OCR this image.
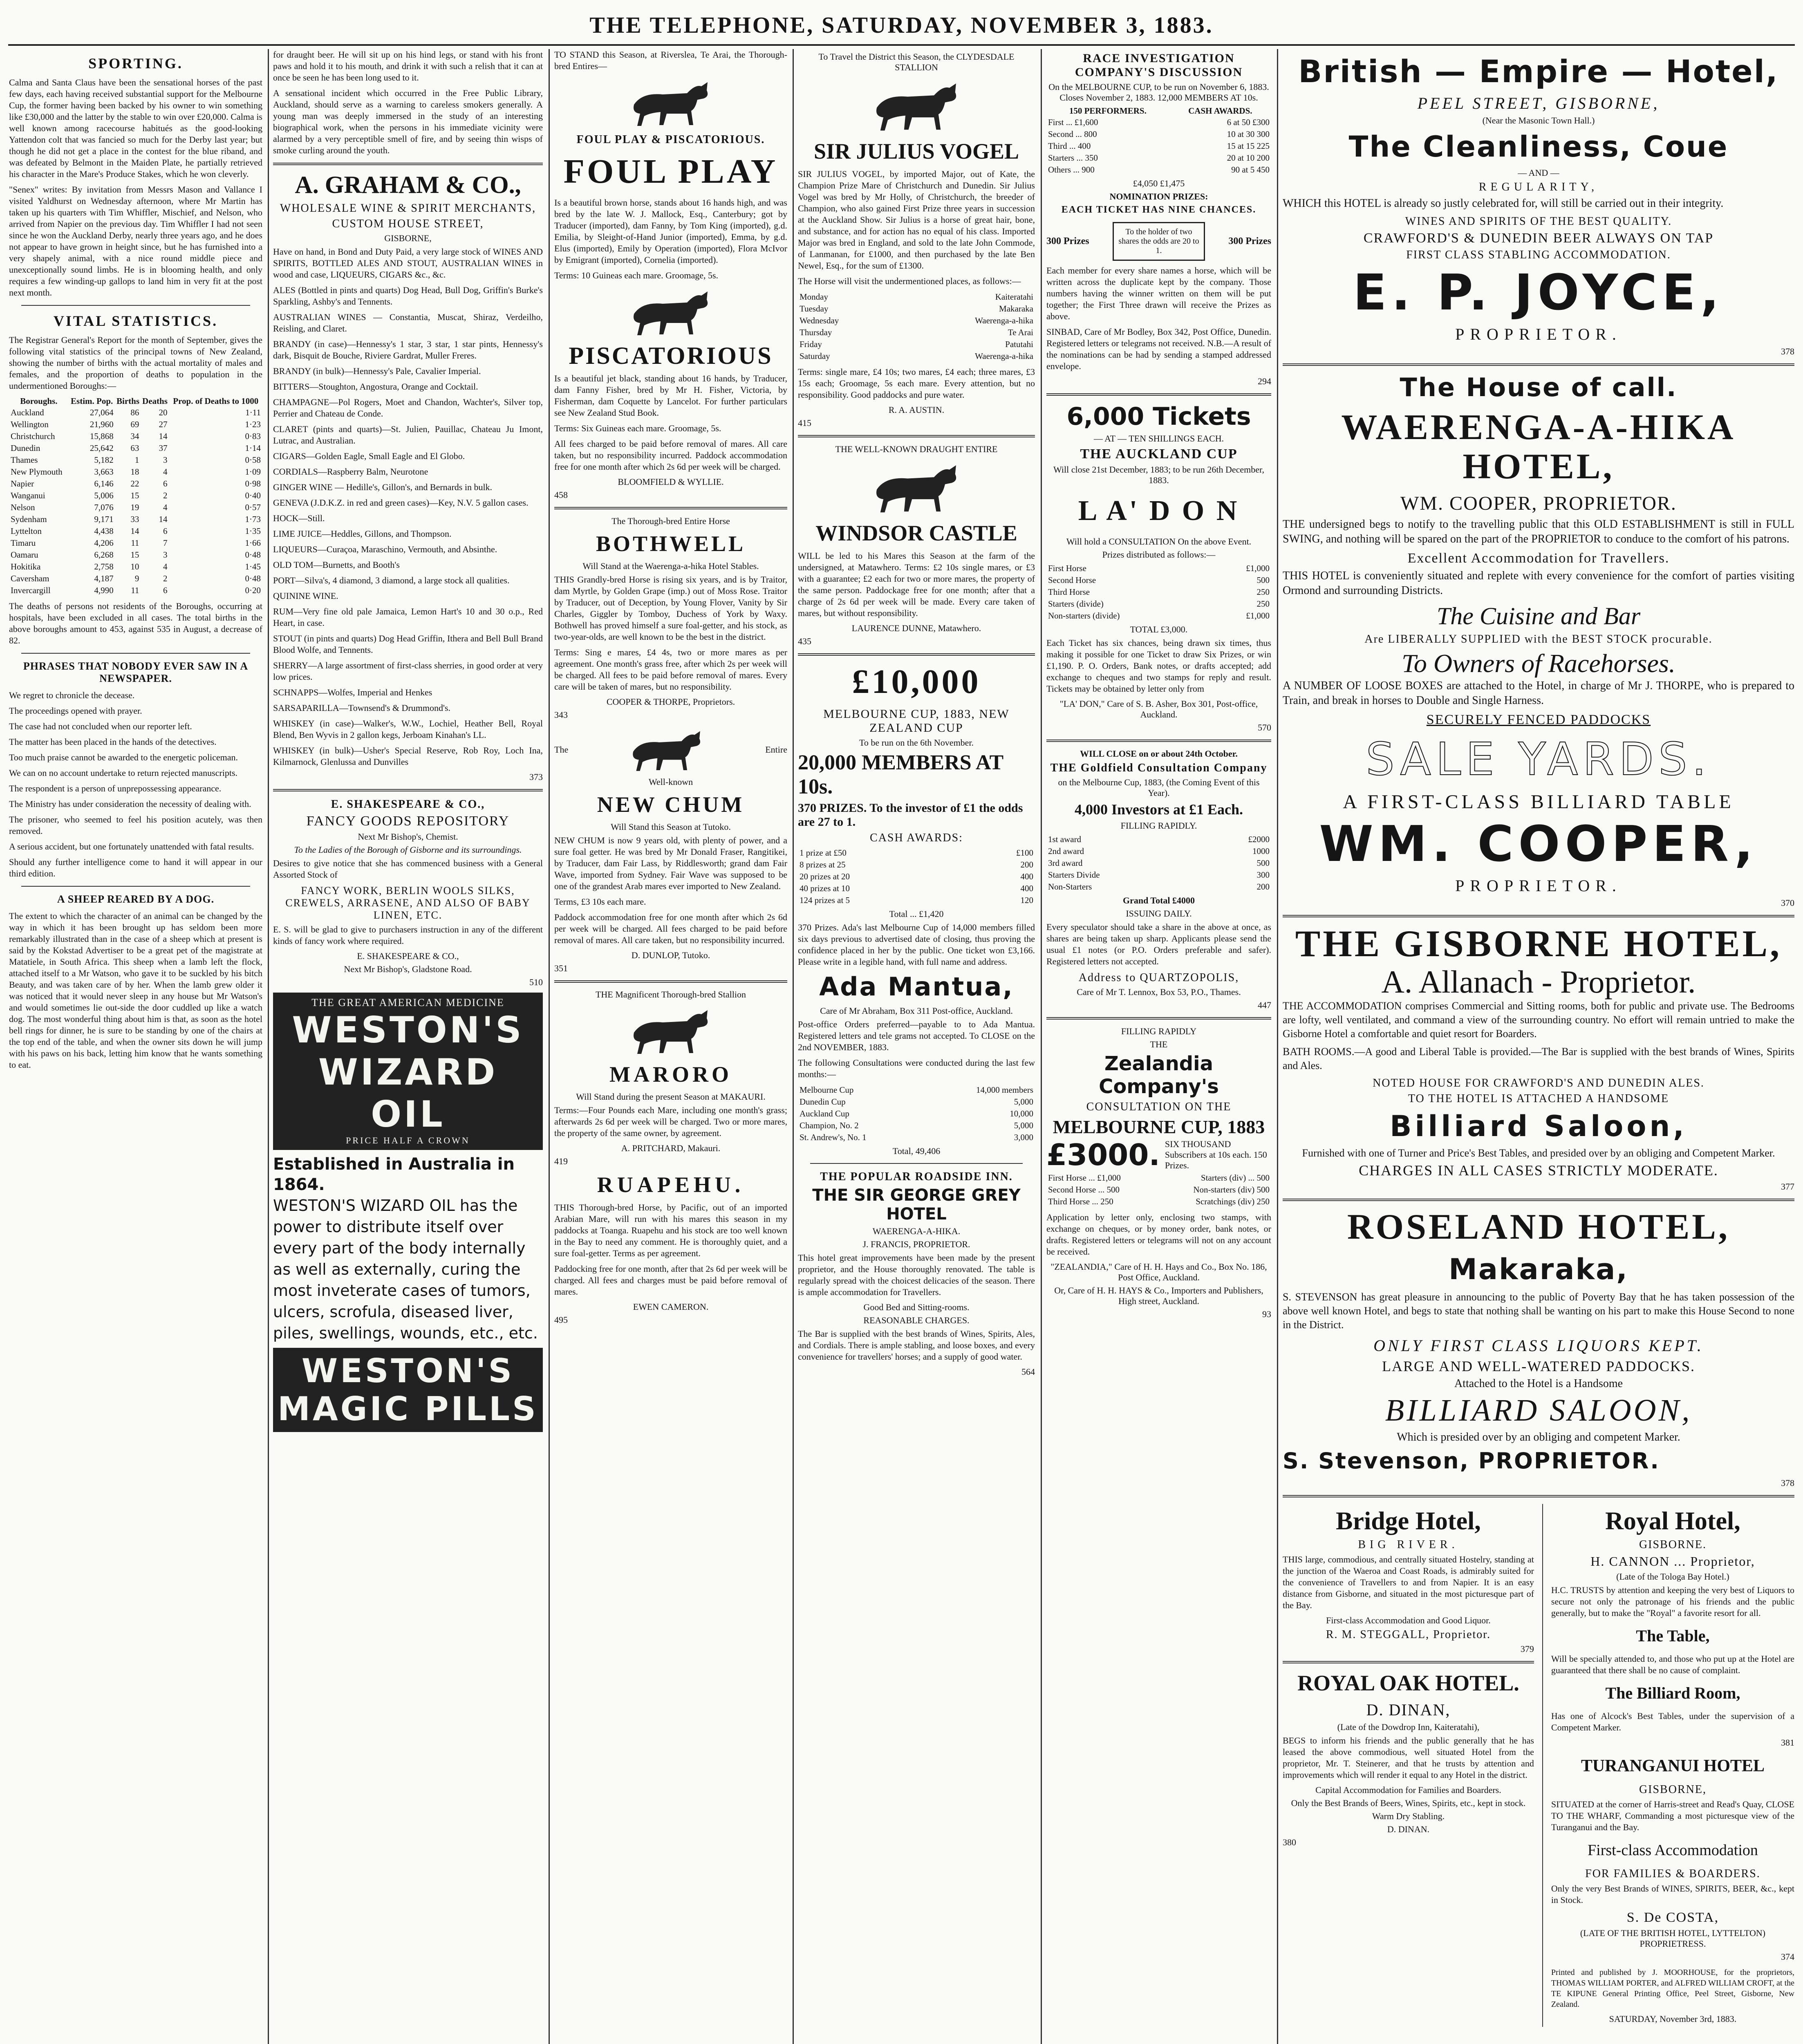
THE TELEPHONE, SATURDAY, NOVEMBER 3, 1883.
SPORTING.

Calma and Santa Claus have been the sensational horses of the past few days, each having received substantial support for the Melbourne Cup, the former having been backed by his owner to win something like £30,000 and the latter by the stable to win over £20,000. Calma is well known among racecourse habitués as the good-looking Yattendon colt that was fancied so much for the Derby last year; but though he did not get a place in the contest for the blue riband, and was defeated by Belmont in the Maiden Plate, he partially retrieved his character in the Mare's Produce Stakes, which he won cleverly.

"Senex" writes: By invitation from Messrs Mason and Vallance I visited Yaldhurst on Wednesday afternoon, where Mr Martin has taken up his quarters with Tim Whiffler, Mischief, and Nelson, who arrived from Napier on the previous day. Tim Whiffler I had not seen since he won the Auckland Derby, nearly three years ago, and he does not appear to have grown in height since, but he has furnished into a very shapely animal, with a nice round middle piece and unexceptionally sound limbs. He is in blooming health, and only requires a few winding-up gallops to land him in very fit at the post next month.

VITAL STATISTICS.

The Registrar General's Report for the month of September, gives the following vital statistics of the principal towns of New Zealand, showing the number of births with the actual mortality of males and females, and the proportion of deaths to population in the undermentioned Boroughs:—

Boroughs.	Estim. Pop.	Births	Deaths	Prop. of Deaths to 1000
Auckland	27,064	86	20	1·11
Wellington	21,960	69	27	1·23
Christchurch	15,868	34	14	0·83
Dunedin	25,642	63	37	1·14
Thames	5,182	1	3	0·58
New Plymouth	3,663	18	4	1·09
Napier	6,146	22	6	0·98
Wanganui	5,006	15	2	0·40
Nelson	7,076	19	4	0·57
Sydenham	9,171	33	14	1·73
Lyttelton	4,438	14	6	1·35
Timaru	4,206	11	7	1·66
Oamaru	6,268	15	3	0·48
Hokitika	2,758	10	4	1·45
Caversham	4,187	9	2	0·48
Invercargill	4,990	11	6	0·20

The deaths of persons not residents of the Boroughs, occurring at hospitals, have been excluded in all cases. The total births in the above boroughs amount to 453, against 535 in August, a decrease of 82.

PHRASES THAT NOBODY EVER SAW IN A NEWSPAPER.

We regret to chronicle the decease.

The proceedings opened with prayer.

The case had not concluded when our reporter left.

The matter has been placed in the hands of the detectives.

Too much praise cannot be awarded to the energetic policeman.

We can on no account undertake to return rejected manuscripts.

The respondent is a person of unprepossessing appearance.

The Ministry has under consideration the necessity of dealing with.

The prisoner, who seemed to feel his position acutely, was then removed.

A serious accident, but one fortunately unattended with fatal results.

Should any further intelligence come to hand it will appear in our third edition.

A SHEEP REARED BY A DOG.

The extent to which the character of an animal can be changed by the way in which it has been brought up has seldom been more remarkably illustrated than in the case of a sheep which at present is said by the Kokstad Advertiser to be a great pet of the magistrate at Matatiele, in South Africa. This sheep when a lamb left the flock, attached itself to a Mr Watson, who gave it to be suckled by his bitch Beauty, and was taken care of by her. When the lamb grew older it was noticed that it would never sleep in any house but Mr Watson's and would sometimes lie out-side the door cuddled up like a watch dog. The most wonderful thing about him is that, as soon as the hotel bell rings for dinner, he is sure to be standing by one of the chairs at the top end of the table, and when the owner sits down he will jump with his paws on his back, letting him know that he wants something to eat.

for draught beer. He will sit up on his hind legs, or stand with his front paws and hold it to his mouth, and drink it with such a relish that it can at once be seen he has been long used to it.

A sensational incident which occurred in the Free Public Library, Auckland, should serve as a warning to careless smokers generally. A young man was deeply immersed in the study of an interesting biographical work, when the persons in his immediate vicinity were alarmed by a very perceptible smell of fire, and by seeing thin wisps of smoke curling around the youth.

A. GRAHAM & CO.,
WHOLESALE WINE & SPIRIT MERCHANTS,
CUSTOM HOUSE STREET,
GISBORNE,

Have on hand, in Bond and Duty Paid, a very large stock of WINES AND SPIRITS, BOTTLED ALES AND STOUT, AUSTRALIAN WINES in wood and case, LIQUEURS, CIGARS &c., &c.

ALES (Bottled in pints and quarts) Dog Head, Bull Dog, Griffin's Burke's Sparkling, Ashby's and Tennents.

AUSTRALIAN WINES — Constantia, Muscat, Shiraz, Verdeilho, Reisling, and Claret.

BRANDY (in case)—Hennessy's 1 star, 3 star, 1 star pints, Hennessy's dark, Bisquit de Bouche, Riviere Gardrat, Muller Freres.

BRANDY (in bulk)—Hennessy's Pale, Cavalier Imperial.

BITTERS—Stoughton, Angostura, Orange and Cocktail.

CHAMPAGNE—Pol Rogers, Moet and Chandon, Wachter's, Silver top, Perrier and Chateau de Conde.

CLARET (pints and quarts)—St. Julien, Pauillac, Chateau Ju Imont, Lutrac, and Australian.

CIGARS—Golden Eagle, Small Eagle and El Globo.

CORDIALS—Raspberry Balm, Neurotone

GINGER WINE — Hedille's, Gillon's, and Bernards in bulk.

GENEVA (J.D.K.Z. in red and green cases)—Key, N.V. 5 gallon cases.

HOCK—Still.

LIME JUICE—Heddles, Gillons, and Thompson.

LIQUEURS—Curaçoa, Maraschino, Vermouth, and Absinthe.

OLD TOM—Burnetts, and Booth's

PORT—Silva's, 4 diamond, 3 diamond, a large stock all qualities.

QUININE WINE.

RUM—Very fine old pale Jamaica, Lemon Hart's 10 and 30 o.p., Red Heart, in case.

STOUT (in pints and quarts) Dog Head Griffin, Ithera and Bell Bull Brand Blood Wolfe, and Tennents.

SHERRY—A large assortment of first-class sherries, in good order at very low prices.

SCHNAPPS—Wolfes, Imperial and Henkes

SARSAPARILLA—Townsend's & Drummond's.

WHISKEY (in case)—Walker's, W.W., Lochiel, Heather Bell, Royal Blend, Ben Wyvis in 2 gallon kegs, Jerboam Kinahan's LL.

WHISKEY (in bulk)—Usher's Special Reserve, Rob Roy, Loch Ina, Kilmarnock, Glenlussa and Dunvilles

373
E. SHAKESPEARE & CO.,
FANCY GOODS REPOSITORY
Next Mr Bishop's, Chemist.
To the Ladies of the Borough of Gisborne and its surroundings.

Desires to give notice that she has commenced business with a General Assorted Stock of

FANCY WORK, BERLIN WOOLS SILKS, CREWELS, ARRASENE, AND ALSO OF BABY LINEN, ETC.

E. S. will be glad to give to purchasers instruction in any of the different kinds of fancy work where required.

E. SHAKESPEARE & CO.,
Next Mr Bishop's, Gladstone Road.
510
THE GREAT AMERICAN MEDICINE
WESTON'S
WIZARD OIL
PRICE HALF A CROWN
Established in Australia in 1864.
WESTON'S WIZARD OIL has the power to distribute itself over every part of the body internally as well as externally, curing the most inveterate cases of tumors, ulcers, scrofula, diseased liver, piles, swellings, wounds, etc., etc.
WESTON'S
MAGIC PILLS

TO STAND this Season, at Riversleа, Te Arai, the Thorough-bred Entires—

FOUL PLAY & PISCATORIOUS.
FOUL PLAY

Is a beautiful brown horse, stands about 16 hands high, and was bred by the late W. J. Mallock, Esq., Canterbury; got by Traducer (imported), dam Fanny, by Tom King (imported), g.d. Emilia, by Sleight-of-Hand Junior (imported), Emma, by g.d. Elus (imported), Emily by Operation (imported), Flora McIvor by Emigrant (imported), Cornelia (imported).

Terms: 10 Guineas each mare. Groomage, 5s.

PISCATORIOUS

Is a beautiful jet black, standing about 16 hands, by Traducer, dam Fanny Fisher, bred by Mr H. Fisher, Victoria, by Fisherman, dam Coquette by Lancelot. For further particulars see New Zealand Stud Book.

Terms: Six Guineas each mare. Groomage, 5s.

All fees charged to be paid before removal of mares. All care taken, but no responsibility incurred. Paddock accommodation free for one month after which 2s 6d per week will be charged.

BLOOMFIELD & WYLLIE.
458
The Thorough-bred Entire Horse
BOTHWELL
Will Stand at the Waerenga-a-hika Hotel Stables.

THIS Grandly-bred Horse is rising six years, and is by Traitor, dam Myrtle, by Golden Grape (imp.) out of Moss Rose. Traitor by Traducer, out of Deception, by Young Flover, Vanity by Sir Charles, Giggler by Tomboy, Duchess of York by Waxy. Bothwell has proved himself a sure foal-getter, and his stock, as two-year-olds, are well known to be the best in the district.

Terms: Sing e mares, £4 4s, two or more mares as per agreement. One month's grass free, after which 2s per week will be charged. All fees to be paid before removal of mares. Every care will be taken of mares, but no responsibility.

COOPER & THORPE, Proprietors.
343
The	Entire
Well-known
NEW CHUM
Will Stand this Season at Tutoko.

NEW CHUM is now 9 years old, with plenty of power, and a sure foal getter. He was bred by Mr Donald Fraser, Rangitikei, by Traducer, dam Fair Lass, by Riddlesworth; grand dam Fair Wave, imported from Sydney. Fair Wave was supposed to be one of the grandest Arab mares ever imported to New Zealand.

Terms, £3 10s each mare.

Paddock accommodation free for one month after which 2s 6d per week will be charged. All fees charged to be paid before removal of mares. All care taken, but no responsibility incurred.

D. DUNLOP, Tutoko.
351
THE Magnificent Thorough-bred Stallion
MARORO
Will Stand during the present Season at MAKAURI.

Terms:—Four Pounds each Mare, including one month's grass; afterwards 2s 6d per week will be charged. Two or more mares, the property of the same owner, by agreement.

A. PRITCHARD, Makauri.
419
RUAPEHU.

THIS Thorough-bred Horse, by Pacific, out of an imported Arabian Mare, will run with his mares this season in my paddocks at Toanga. Ruapehu and his stock are too well known in the Bay to need any comment. He is thoroughly quiet, and a sure foal-getter. Terms as per agreement.

Paddocking free for one month, after that 2s 6d per week will be charged. All fees and charges must be paid before removal of mares.

EWEN CAMERON.
495
To Travel the District this Season, the CLYDESDALE STALLION
SIR JULIUS VOGEL

SIR JULIUS VOGEL, by imported Major, out of Kate, the Champion Prize Mare of Christchurch and Dunedin. Sir Julius Vogel was bred by Mr Holly, of Christchurch, the breeder of Champion, who also gained First Prize three years in succession at the Auckland Show. Sir Julius is a horse of great hair, bone, and substance, and for action has no equal of his class. Imported Major was bred in England, and sold to the late John Commode, of Lanmanan, for £1000, and then purchased by the late Ben Newel, Esq., for the sum of £1300.

The Horse will visit the undermentioned places, as follows:—

Monday	Kaiteratahi
Tuesday	Makaraka
Wednesday	Waerenga-a-hika
Thursday	Te Arai
Friday	Patutahi
Saturday	Waerenga-a-hika

Terms: single mare, £4 10s; two mares, £4 each; three mares, £3 15s each; Groomage, 5s each mare. Every attention, but no responsibility. Good paddocks and pure water.

R. A. AUSTIN.
415
THE WELL-KNOWN DRAUGHT ENTIRE
WINDSOR CASTLE

WILL be led to his Mares this Season at the farm of the undersigned, at Matawhero. Terms: £2 10s single mares, or £3 with a guarantee; £2 each for two or more mares, the property of the same person. Paddockage free for one month; after that a charge of 2s 6d per week will be made. Every care taken of mares, but without responsibility.

LAURENCE DUNNE, Matawhero.
435
£10,000
MELBOURNE CUP, 1883, NEW ZEALAND CUP
To be run on the 6th November.
20,000 MEMBERS AT 10s.
370 PRIZES. To the investor of £1 the odds are 27 to 1.
CASH AWARDS:
1 prize at £50	£100
8 prizes at 25	200
20 prizes at 20	400
40 prizes at 10	400
124 prizes at 5	120
Total ... £1,420

370 Prizes. Ada's last Melbourne Cup of 14,000 members filled six days previous to advertised date of closing, thus proving the confidence placed in her by the public. One ticket won £3,166. Please write in a legible hand, with full name and address.

Ada Mantua,
Care of Mr Abraham, Box 311 Post-office, Auckland.

Post-office Orders preferred—payable to to Ada Mantua. Registered letters and tele grams not accepted. To CLOSE on the 2nd NOVEMBER, 1883.

The following Consultations were conducted during the last few months:—

Melbourne Cup	14,000 members
Dunedin Cup	5,000
Auckland Cup	10,000
Champion, No. 2	5,000
St. Andrew's, No. 1	3,000
Total, 49,406
THE POPULAR ROADSIDE INN.
THE SIR GEORGE GREY HOTEL
WAERENGA-A-HIKA.
J. FRANCIS, PROPRIETOR.

This hotel great improvements have been made by the present proprietor, and the House thoroughly renovated. The table is regularly spread with the choicest delicacies of the season. There is ample accommodation for Travellers.

Good Bed and Sitting-rooms.
REASONABLE CHARGES.

The Bar is supplied with the best brands of Wines, Spirits, Ales, and Cordials. There is ample stabling, and loose boxes, and every convenience for travellers' horses; and a supply of good water.

564
RACE INVESTIGATION COMPANY'S DISCUSSION
On the MELBOURNE CUP, to be run on November 6, 1883. Closes November 2, 1883. 12,000 MEMBERS AT 10s.
150 PERFORMERS.	CASH AWARDS.
First ... £1,600	6 at 50 £300
Second ... 800	10 at 30 300
Third ... 400	15 at 15 225
Starters ... 350	20 at 10 200
Others ... 900	90 at 5 450
£4,050 £1,475
NOMINATION PRIZES:
EACH TICKET HAS NINE CHANCES.
300 Prizes
To the holder of two shares the odds are 20 to 1.
300 Prizes

Each member for every share names a horse, which will be written across the duplicate kept by the company. Those numbers having the winner written on them will be put together; the First Three drawn will receive the Prizes as above.

SINBAD, Care of Mr Bodley, Box 342, Post Office, Dunedin. Registered letters or telegrams not received. N.B.—A result of the nominations can be had by sending a stamped addressed envelope.

294
6,000 Tickets
— AT — TEN SHILLINGS EACH.
THE AUCKLAND CUP
Will close 21st December, 1883; to be run 26th December, 1883.
L A' D O N
Will hold a CONSULTATION On the above Event.
Prizes distributed as follows:—
First Horse	£1,000
Second Horse	500
Third Horse	250
Starters (divide)	250
Non-starters (divide)	£1,000
TOTAL £3,000.

Each Ticket has six chances, being drawn six times, thus making it possible for one Ticket to draw Six Prizes, or win £1,190. P. O. Orders, Bank notes, or drafts accepted; add exchange to cheques and two stamps for reply and result. Tickets may be obtained by letter only from

"LA' DON," Care of S. B. Asher, Box 301, Post-office, Auckland.
570
WILL CLOSE on or about 24th October.
THE Goldfield Consultation Company
on the Melbourne Cup, 1883, (the Coming Event of this Year).
4,000 Investors at £1 Each.
FILLING RAPIDLY.
1st award	£2000
2nd award	1000
3rd award	500
Starters Divide	300
Non-Starters	200
Grand Total £4000
ISSUING DAILY.

Every speculator should take a share in the above at once, as shares are being taken up sharp. Applicants please send the usual £1 notes (or P.O. Orders preferable and safer). Registered letters not accepted.

Address to QUARTZOPOLIS,
Care of Mr T. Lennox, Box 53, P.O., Thames.
447
FILLING RAPIDLY
THE
Zealandia Company's
CONSULTATION ON THE
MELBOURNE CUP, 1883
£3000. SIX THOUSAND Subscribers at 10s each. 150 Prizes.
First Horse ... £1,000	Starters (div) ... 500
Second Horse ... 500	Non-starters (div) 500
Third Horse ... 250	Scratchings (div) 250

Application by letter only, enclosing two stamps, with exchange on cheques, or by money order, bank notes, or drafts. Registered letters or telegrams will not on any account be received.

"ZEALANDIA," Care of H. H. Hays and Co., Box No. 186, Post Office, Auckland.
Or, Care of H. H. HAYS & Co., Importers and Publishers, High street, Auckland.
93
British — Empire — Hotel,
PEEL STREET, GISBORNE,
(Near the Masonic Town Hall.)
The Cleanliness, Coue
— AND —
REGULARITY,

WHICH this HOTEL is already so justly celebrated for, will still be carried out in their integrity.

WINES AND SPIRITS OF THE BEST QUALITY.
CRAWFORD'S & DUNEDIN BEER ALWAYS ON TAP
FIRST CLASS STABLING ACCOMMODATION.
E. P. JOYCE,
PROPRIETOR.
378
The House of call.
WAERENGA-A-HIKA HOTEL,
WM. COOPER, PROPRIETOR.

THE undersigned begs to notify to the travelling public that this OLD ESTABLISHMENT is still in FULL SWING, and nothing will be spared on the part of the PROPRIETOR to conduce to the comfort of his patrons.

Excellent Accommodation for Travellers.

THIS HOTEL is conveniently situated and replete with every convenience for the comfort of parties visiting Ormond and surrounding Districts.

The Cuisine and Bar
Are LIBERALLY SUPPLIED with the BEST STOCK procurable.
To Owners of Racehorses.

A NUMBER OF LOOSE BOXES are attached to the Hotel, in charge of Mr J. THORPE, who is prepared to Train, and break in horses to Double and Single Harness.

SECURELY FENCED PADDOCKS
SALE YARDS.
A FIRST-CLASS BILLIARD TABLE
WM. COOPER,
PROPRIETOR.
370
THE GISBORNE HOTEL,
A. Allanach - Proprietor.

THE ACCOMMODATION comprises Commercial and Sitting rooms, both for public and private use. The Bedrooms are lofty, well ventilated, and command a view of the surrounding country. No effort will remain untried to make the Gisborne Hotel a comfortable and quiet resort for Boarders.

BATH ROOMS.—A good and Liberal Table is provided.—The Bar is supplied with the best brands of Wines, Spirits and Ales.

NOTED HOUSE FOR CRAWFORD'S AND DUNEDIN ALES.
TO THE HOTEL IS ATTACHED A HANDSOME
Billiard Saloon,
Furnished with one of Turner and Price's Best Tables, and presided over by an obliging and Competent Marker.
CHARGES IN ALL CASES STRICTLY MODERATE.
377
ROSELAND HOTEL,
Makaraka,

S. STEVENSON has great pleasure in announcing to the public of Poverty Bay that he has taken possession of the above well known Hotel, and begs to state that nothing shall be wanting on his part to make this House Second to none in the District.

ONLY FIRST CLASS LIQUORS KEPT.
LARGE AND WELL-WATERED PADDOCKS.
Attached to the Hotel is a Handsome
BILLIARD SALOON,
Which is presided over by an obliging and competent Marker.
S. Stevenson, PROPRIETOR.
378
Bridge Hotel,
BIG RIVER.

THIS large, commodious, and centrally situated Hostelry, standing at the junction of the Waerоa and Coast Roads, is admirably suited for the convenience of Travellers to and from Napier. It is an easy distance from Gisborne, and situated in the most picturesque part of the Bay.

First-class Accommodation and Good Liquor.
R. M. STEGGALL, Proprietor.
379
ROYAL OAK HOTEL.
D. DINAN,
(Late of the Dowdrop Inn, Kaiteratahi),

BEGS to inform his friends and the public generally that he has leased the above commodious, well situated Hotel from the proprietor, Mr. T. Steinerer, and that he trusts by attention and improvements which will render it equal to any Hotel in the district.

Capital Accommodation for Families and Boarders.
Only the Best Brands of Beers, Wines, Spirits, etc., kept in stock.
Warm Dry Stabling.
D. DINAN.
380
Royal Hotel,
GISBORNE.
H. CANNON ... Proprietor,
(Late of the Tologa Bay Hotel.)

H.C. TRUSTS by attention and keeping the very best of Liquors to secure not only the patronage of his friends and the public generally, but to make the "Royal" a favorite resort for all.

The Table,

Will be specially attended to, and those who put up at the Hotel are guaranteed that there shall be no cause of complaint.

The Billiard Room,

Has one of Alcock's Best Tables, under the supervision of a Competent Marker.

381
TURANGANUI HOTEL
GISBORNE,

SITUATED at the corner of Harris-street and Read's Quay, CLOSE TO THE WHARF, Commanding a most picturesque view of the Turanganui and the Bay.

First-class Accommodation
FOR FAMILIES & BOARDERS.

Only the very Best Brands of WINES, SPIRITS, BEER, &c., kept in Stock.

S. De COSTA,
(LATE OF THE BRITISH HOTEL, LYTTELTON) PROPRIETRESS.
374

Printed and published by J. MOORHOUSE, for the proprietors, THOMAS WILLIAM PORTER, and ALFRED WILLIAM CROFT, at the TE KIPUNE General Printing Office, Peel Street, Gisborne, New Zealand.

SATURDAY, November 3rd, 1883.
